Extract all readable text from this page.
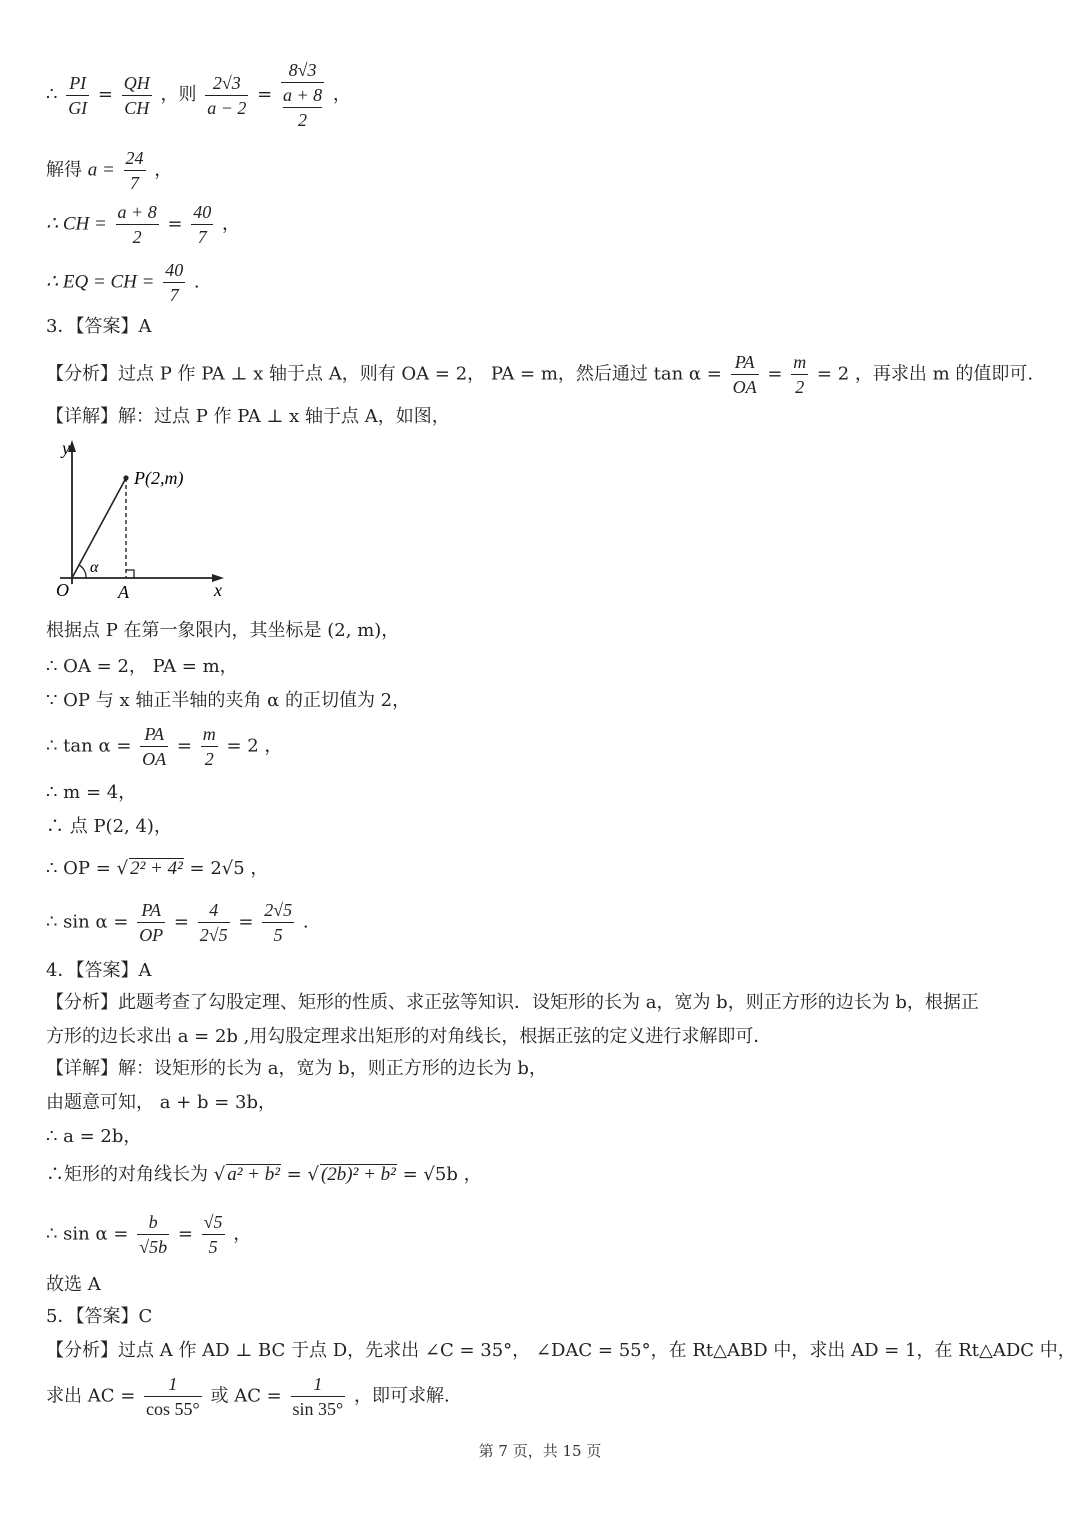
∴ $\frac{PI}{GI} = \frac{QH}{CH}$ ，则 $\frac{2√3}{a - 2} = 8√3$
a + 8
2 ，
解得 $a = \frac{24}{7}$ ，
∴ CH = $\frac{a + 8}{2} = \frac{40}{7}$ ，
∴ EQ = CH = $\frac{40}{7}$ .
3．【答案】A
【分析】过点 P 作 PA ⊥ x 轴于点 A，则有 OA = 2， PA = m，然后通过 $\tan \alpha = \frac{PA}{OA} = \frac{m}{2} = 2$ ，再求出 m 的值即可.
【详解】解：过点 P 作 PA ⊥ x 轴于点 A，如图，
y
x
O	A
α
P(2,m)
根据点 P 在第一象限内，其坐标是 (2, m)，
∴ OA = 2， PA = m，
∵ OP 与 x 轴正半轴的夹角 α 的正切值为 2，
∴ $\tan \alpha = \frac{PA}{OA} = \frac{m}{2} = 2$ ，
∴ m = 4，
∴ 点 P(2, 4)，
∴ OP = √ 2² + 4² = 2√5 ，
∴ $\sin \alpha = \frac{PA}{OP} = \frac{4}{2√5} = \frac{2√5}{5}$ .
4．【答案】A
【分析】此题考查了勾股定理、矩形的性质、求正弦等知识．设矩形的长为 a，宽为 b，则正方形的边长为 b，根据正
方形的边长求出 a = 2b ,用勾股定理求出矩形的对角线长，根据正弦的定义进行求解即可．
【详解】解：设矩形的长为 a，宽为 b，则正方形的边长为 b，
由题意可知， a + b = 3b，
∴ a = 2b，
∴矩形的对角线长为 √ a² + b² = √ (2b)² + b² = √5b ，
∴ $\sin \alpha = \frac{b}{√5b} = \frac{√5}{5}$ ，
故选 A
5．【答案】C
【分析】过点 A 作 AD ⊥ BC 于点 D，先求出 ∠C = 35°， ∠DAC = 55°，在 Rt△ABD 中，求出 AD = 1，在 Rt△ADC 中，
求出 AC = $\frac{1}{\cos 55^\circ}$ 或 AC = $\frac{1}{\sin 35^\circ}$ ，即可求解.
第 7 页，共 15 页
